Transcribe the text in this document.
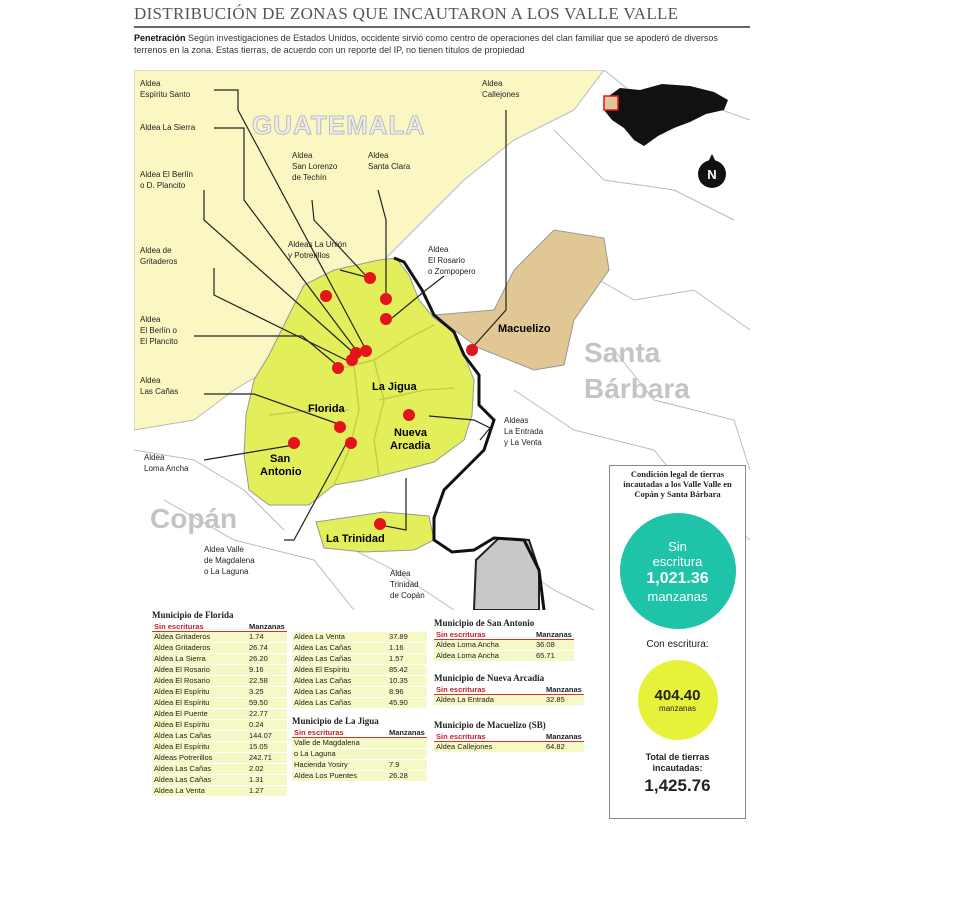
DISTRIBUCIÓN DE ZONAS QUE INCAUTARON A LOS VALLE VALLE
Penetración Según investigaciones de Estados Unidos, occidente sirvió como centro de operaciones del clan familiar que se apoderó de diversos terrenos en la zona. Estas tierras, de acuerdo con un reporte del IP, no tienen títulos de propiedad
GUATEMALA
Santa
Bárbara
Copán
La Jigua
Florida
Nueva
Arcadia
San
Antonio
La Trinidad
Macuelizo
Aldea
Espíritu Santo
Aldea La Sierra
Aldea El Berlín
o D. Plancito
Aldea de
Gritaderos
Aldea
El Berlín o
El Plancito
Aldea
Las Cañas
Aldea
Loma Ancha
Aldea Valle
de Magdalena
o La Laguna	Aldea
Trinidad
de Copán
Aldea
San Lorenzo
de Techín
Aldea
Santa Clara
Aldeas La Unión
y Potrerillos
Aldea
El Rosario
o Zompopero
Aldea
Callejones
Aldeas
La Entrada
y La Venta
N
Municipio de Florida
Sin escrituras	Manzanas
Aldea Gritaderos	1.74
Aldea Gritaderos	26.74
Aldea La Sierra	26.20
Aldea El Rosario	9.16
Aldea El Rosario	22.58
Aldea El Espíritu	3.25
Aldea El Espíritu	59.50
Aldea El Puente	22.77
Aldea El Espíritu	0.24
Aldea Las Cañas	144.07
Aldea El Espíritu	15.05
Aldeas Potrerillos	242.71
Aldea Las Cañas	2.02
Aldea Las Cañas	1.31
Aldea La Venta	1.27
Aldea La Venta	37.89
Aldea Las Cañas	1.16
Aldea Las Cañas	1.57
Aldea El Espíritu	85.42
Aldea Las Cañas	10.35
Aldea Las Cañas	8.96
Aldea Las Cañas	45.90
Municipio de La Jigua
Sin escrituras	Manzanas
Valle de Magdalena
o La Laguna
Hacienda Yosiry	7.9
Aldea Los Puentes	26.28
Municipio de San Antonio
Sin escrituras	Manzanas
Aldea Loma Ancha	36.08
Aldea Loma Ancha	65.71
Municipio de Nueva Arcadia
Sin escrituras	Manzanas
Aldea La Entrada	32.85
Municipio de Macuelizo (SB)
Sin escrituras	Manzanas
Aldea Callejones	64.82
Condición legal de tierras incautadas a los Valle Valle en Copán y Santa Bárbara
Sin
escritura
1,021.36
manzanas
Con escritura:
404.40
manzanas
Total de tierras
incautadas:
1,425.76
